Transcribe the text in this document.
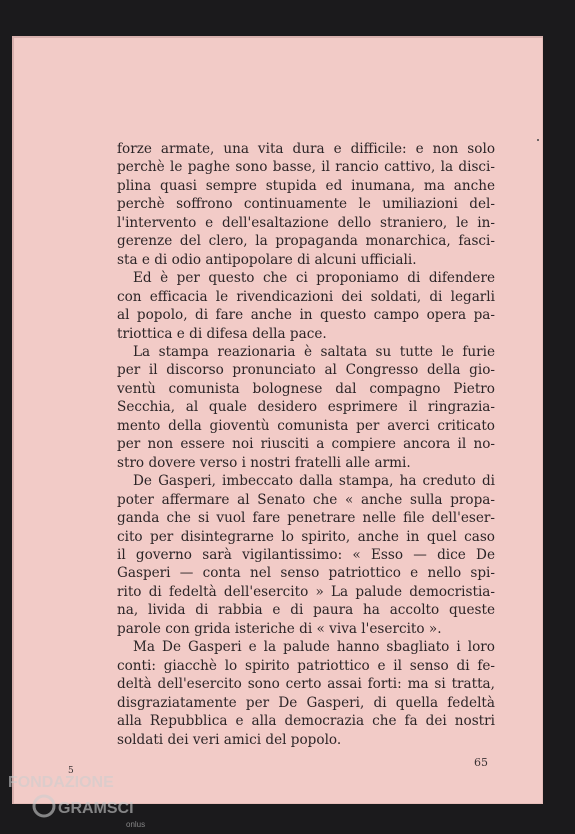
forze armate, una vita dura e difficile: e non solo
perchè le paghe sono basse, il rancio cattivo, la disci-
plina quasi sempre stupida ed inumana, ma anche
perchè soffrono continuamente le umiliazioni del-
l'intervento e dell'esaltazione dello straniero, le in-
gerenze del clero, la propaganda monarchica, fasci-
sta e di odio antipopolare di alcuni ufficiali.
Ed è per questo che ci proponiamo di difendere
con efficacia le rivendicazioni dei soldati, di legarli
al popolo, di fare anche in questo campo opera pa-
triottica e di difesa della pace.
La stampa reazionaria è saltata su tutte le furie
per il discorso pronunciato al Congresso della gio-
ventù comunista bolognese dal compagno Pietro
Secchia, al quale desidero esprimere il ringrazia-
mento della gioventù comunista per averci criticato
per non essere noi riusciti a compiere ancora il no-
stro dovere verso i nostri fratelli alle armi.
De Gasperi, imbeccato dalla stampa, ha creduto di
poter affermare al Senato che « anche sulla propa-
ganda che si vuol fare penetrare nelle file dell'eser-
cito per disintegrarne lo spirito, anche in quel caso
il governo sarà vigilantissimo: « Esso — dice De
Gasperi — conta nel senso patriottico e nello spi-
rito di fedeltà dell'esercito » La palude democristia-
na, livida di rabbia e di paura ha accolto queste
parole con grida isteriche di « viva l'esercito ».
Ma De Gasperi e la palude hanno sbagliato i loro
conti: giacchè lo spirito patriottico e il senso di fe-
deltà dell'esercito sono certo assai forti: ma si tratta,
disgraziatamente per De Gasperi, di quella fedeltà
alla Repubblica e alla democrazia che fa dei nostri
soldati dei veri amici del popolo.
5
65
FONDAZIONE
GRAMSCI
onlus
